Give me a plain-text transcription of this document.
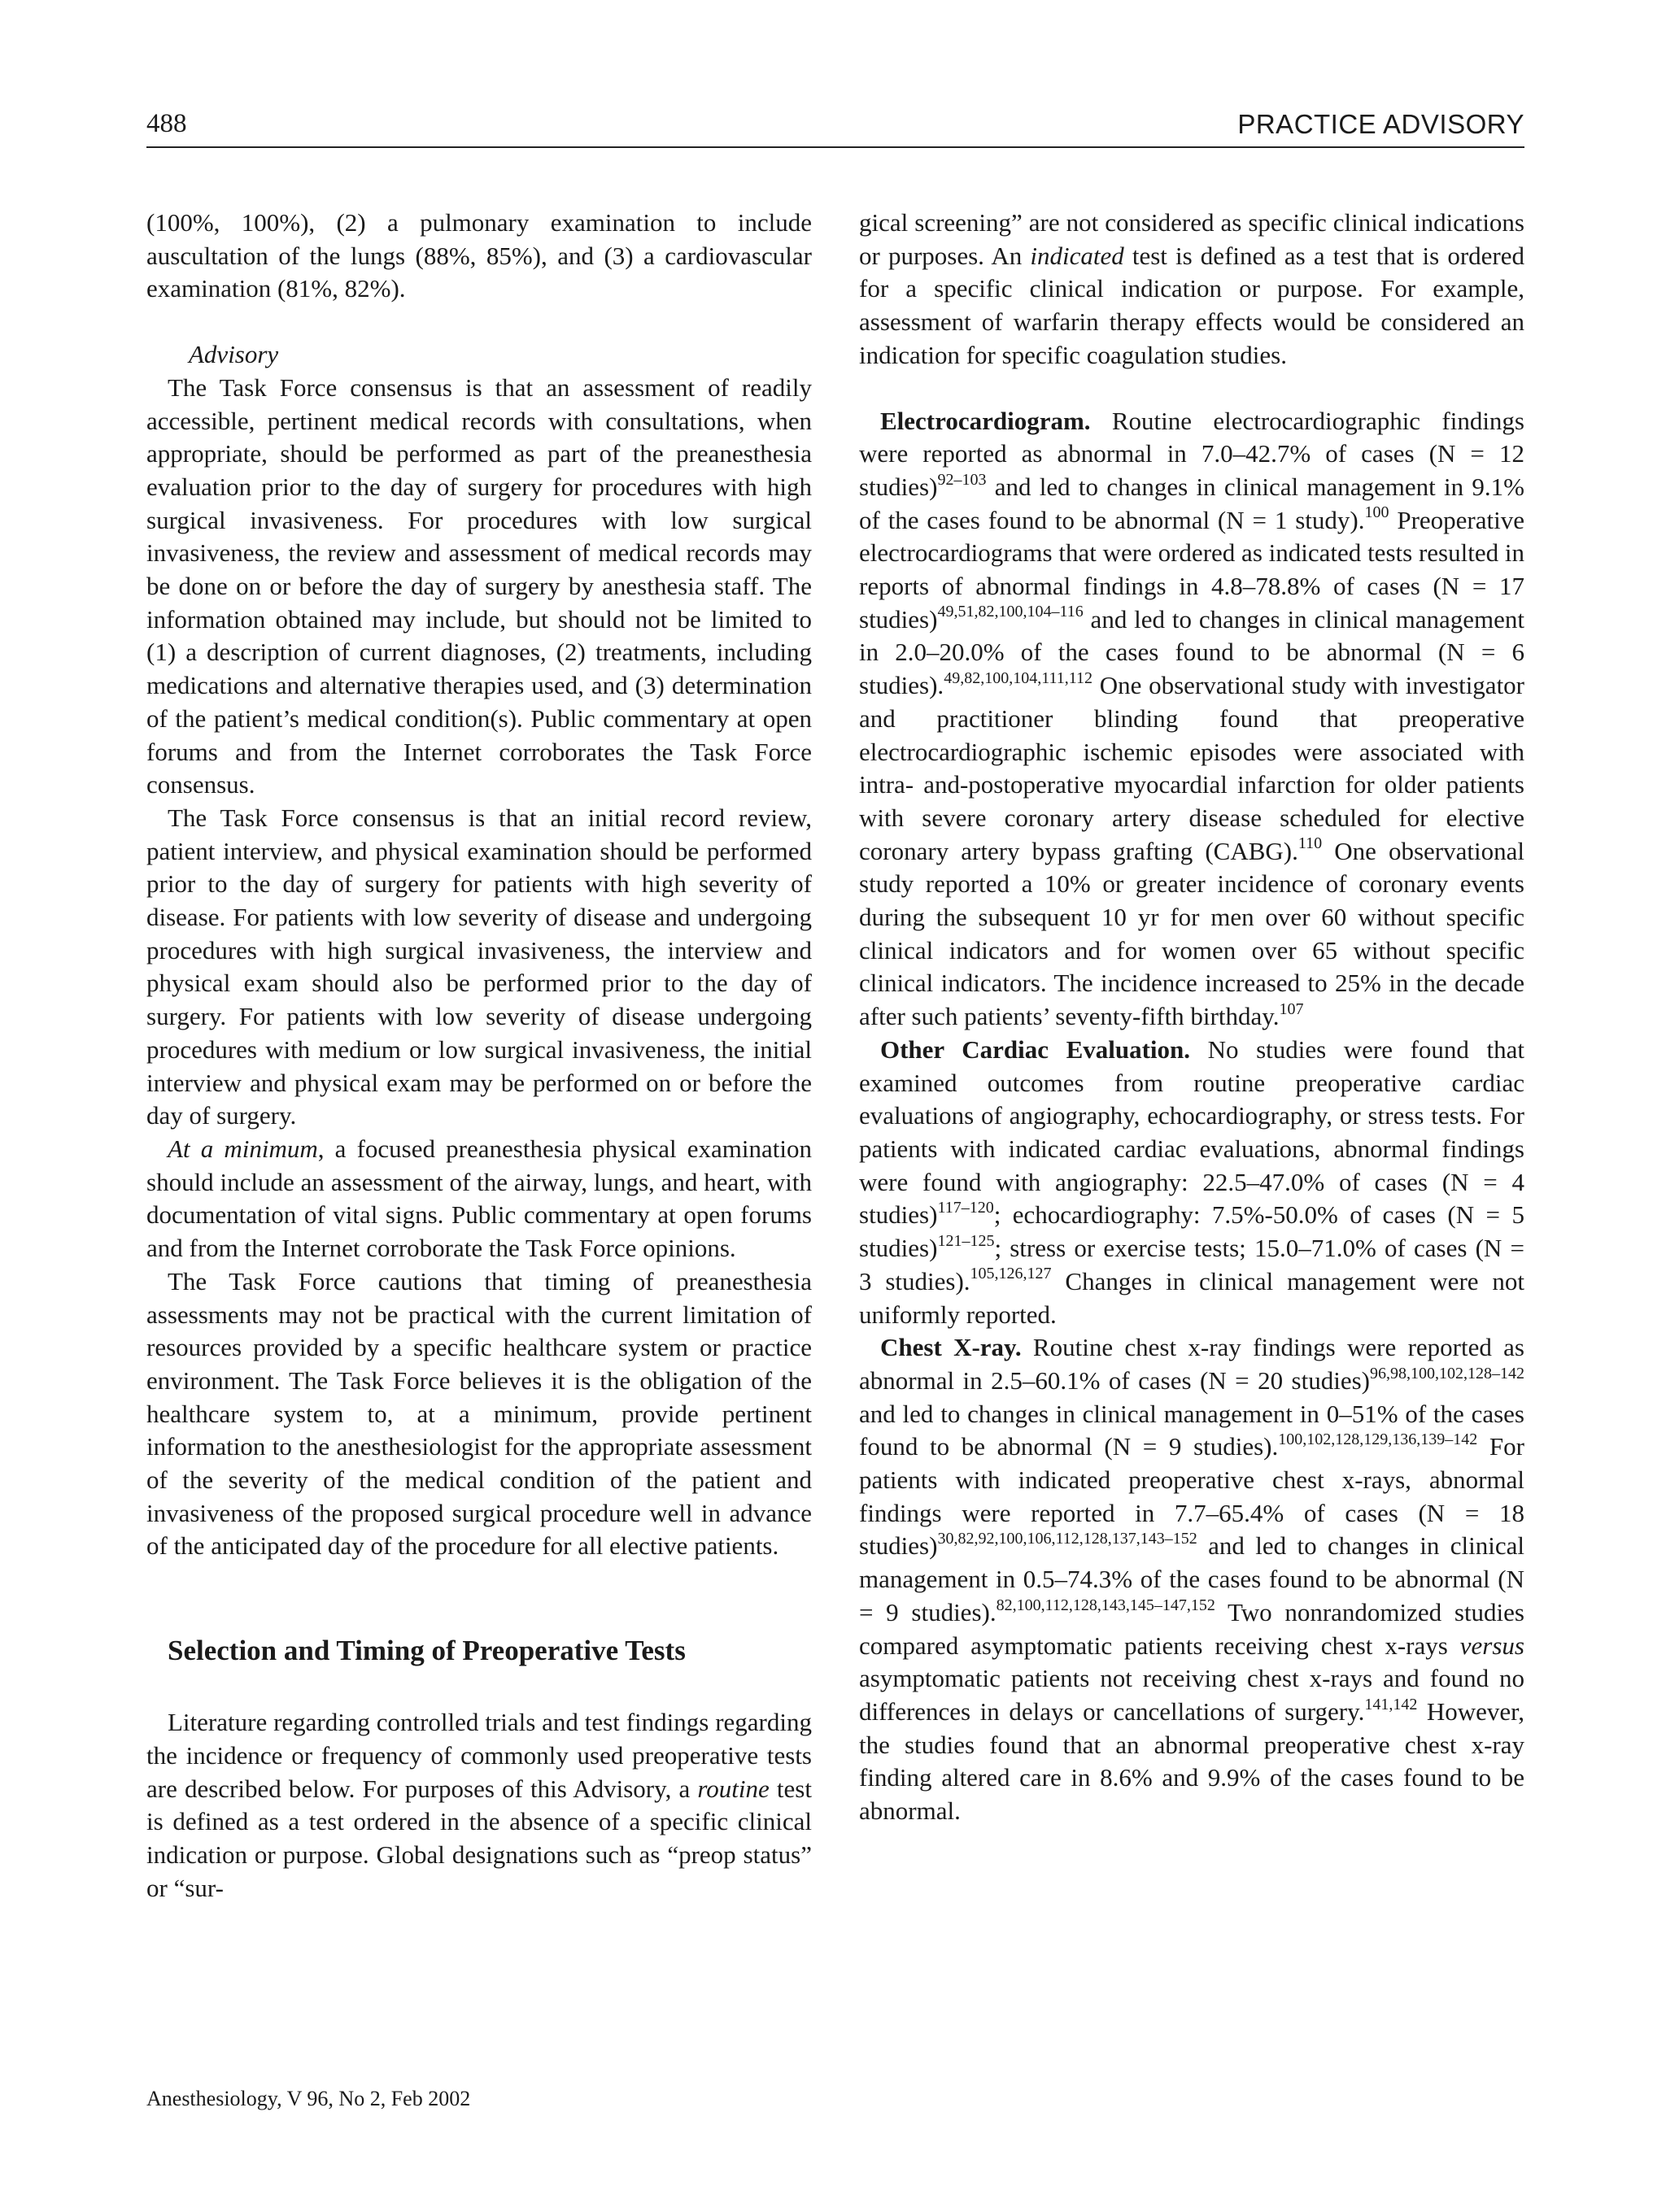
488	PRACTICE ADVISORY

(100%, 100%), (2) a pulmonary examination to include auscultation of the lungs (88%, 85%), and (3) a cardiovascular examination (81%, 82%).

Advisory

The Task Force consensus is that an assessment of readily accessible, pertinent medical records with consultations, when appropriate, should be performed as part of the preanesthesia evaluation prior to the day of surgery for procedures with high surgical invasiveness. For procedures with low surgical invasiveness, the review and assessment of medical records may be done on or before the day of surgery by anesthesia staff. The information obtained may include, but should not be limited to (1) a description of current diagnoses, (2) treatments, including medications and alternative therapies used, and (3) determination of the patient’s medical condition(s). Public commentary at open forums and from the Internet corroborates the Task Force consensus.

The Task Force consensus is that an initial record review, patient interview, and physical examination should be performed prior to the day of surgery for patients with high severity of disease. For patients with low severity of disease and undergoing procedures with high surgical invasiveness, the interview and physical exam should also be performed prior to the day of surgery. For patients with low severity of disease undergoing procedures with medium or low surgical invasiveness, the initial interview and physical exam may be performed on or before the day of surgery.

At a minimum, a focused preanesthesia physical examination should include an assessment of the airway, lungs, and heart, with documentation of vital signs. Public commentary at open forums and from the Internet corroborate the Task Force opinions.

The Task Force cautions that timing of preanesthesia assessments may not be practical with the current limitation of resources provided by a specific healthcare system or practice environment. The Task Force believes it is the obligation of the healthcare system to, at a minimum, provide pertinent information to the anesthesiologist for the appropriate assessment of the severity of the medical condition of the patient and invasiveness of the proposed surgical procedure well in advance of the anticipated day of the procedure for all elective patients.

Selection and Timing of Preoperative Tests

Literature regarding controlled trials and test findings regarding the incidence or frequency of commonly used preoperative tests are described below. For purposes of this Advisory, a routine test is defined as a test ordered in the absence of a specific clinical indication or purpose. Global designations such as “preop status” or “sur-

gical screening” are not considered as specific clinical indications or purposes. An indicated test is defined as a test that is ordered for a specific clinical indication or purpose. For example, assessment of warfarin therapy effects would be considered an indication for specific coagulation studies.

Electrocardiogram. Routine electrocardiographic findings were reported as abnormal in 7.0–42.7% of cases (N = 12 studies)$^{92-103}$ and led to changes in clinical management in 9.1% of the cases found to be abnormal (N = 1 study).$^{100}$ Preoperative electrocardiograms that were ordered as indicated tests resulted in reports of abnormal findings in 4.8–78.8% of cases (N = 17 studies)$^{49,51,82,100,104-116}$ and led to changes in clinical management in 2.0–20.0% of the cases found to be abnormal (N = 6 studies).$^{49,82,100,104,111,112}$ One observational study with investigator and practitioner blinding found that preoperative electrocardiographic ischemic episodes were associated with intra- and-postoperative myocardial infarction for older patients with severe coronary artery disease scheduled for elective coronary artery bypass grafting (CABG).$^{110}$ One observational study reported a 10% or greater incidence of coronary events during the subsequent 10 yr for men over 60 without specific clinical indicators and for women over 65 without specific clinical indicators. The incidence increased to 25% in the decade after such patients’ seventy-fifth birthday.$^{107}$

Other Cardiac Evaluation. No studies were found that examined outcomes from routine preoperative cardiac evaluations of angiography, echocardiography, or stress tests. For patients with indicated cardiac evaluations, abnormal findings were found with angiography: 22.5–47.0% of cases (N = 4 studies)$^{117-120}$; echocardiography: 7.5%-50.0% of cases (N = 5 studies)$^{121-125}$; stress or exercise tests; 15.0–71.0% of cases (N = 3 studies).$^{105,126,127}$ Changes in clinical management were not uniformly reported.

Chest X-ray. Routine chest x-ray findings were reported as abnormal in 2.5–60.1% of cases (N = 20 studies)$^{96,98,100,102,128-142}$ and led to changes in clinical management in 0–51% of the cases found to be abnormal (N = 9 studies).$^{100,102,128,129,136,139-142}$ For patients with indicated preoperative chest x-rays, abnormal findings were reported in 7.7–65.4% of cases (N = 18 studies)$^{30,82,92,100,106,112,128,137,143-152}$ and led to changes in clinical management in 0.5–74.3% of the cases found to be abnormal (N = 9 studies).$^{82,100,112,128,143,145-147,152}$ Two nonrandomized studies compared asymptomatic patients receiving chest x-rays versus asymptomatic patients not receiving chest x-rays and found no differences in delays or cancellations of surgery.$^{141,142}$ However, the studies found that an abnormal preoperative chest x-ray finding altered care in 8.6% and 9.9% of the cases found to be abnormal.

Anesthesiology, V 96, No 2, Feb 2002
